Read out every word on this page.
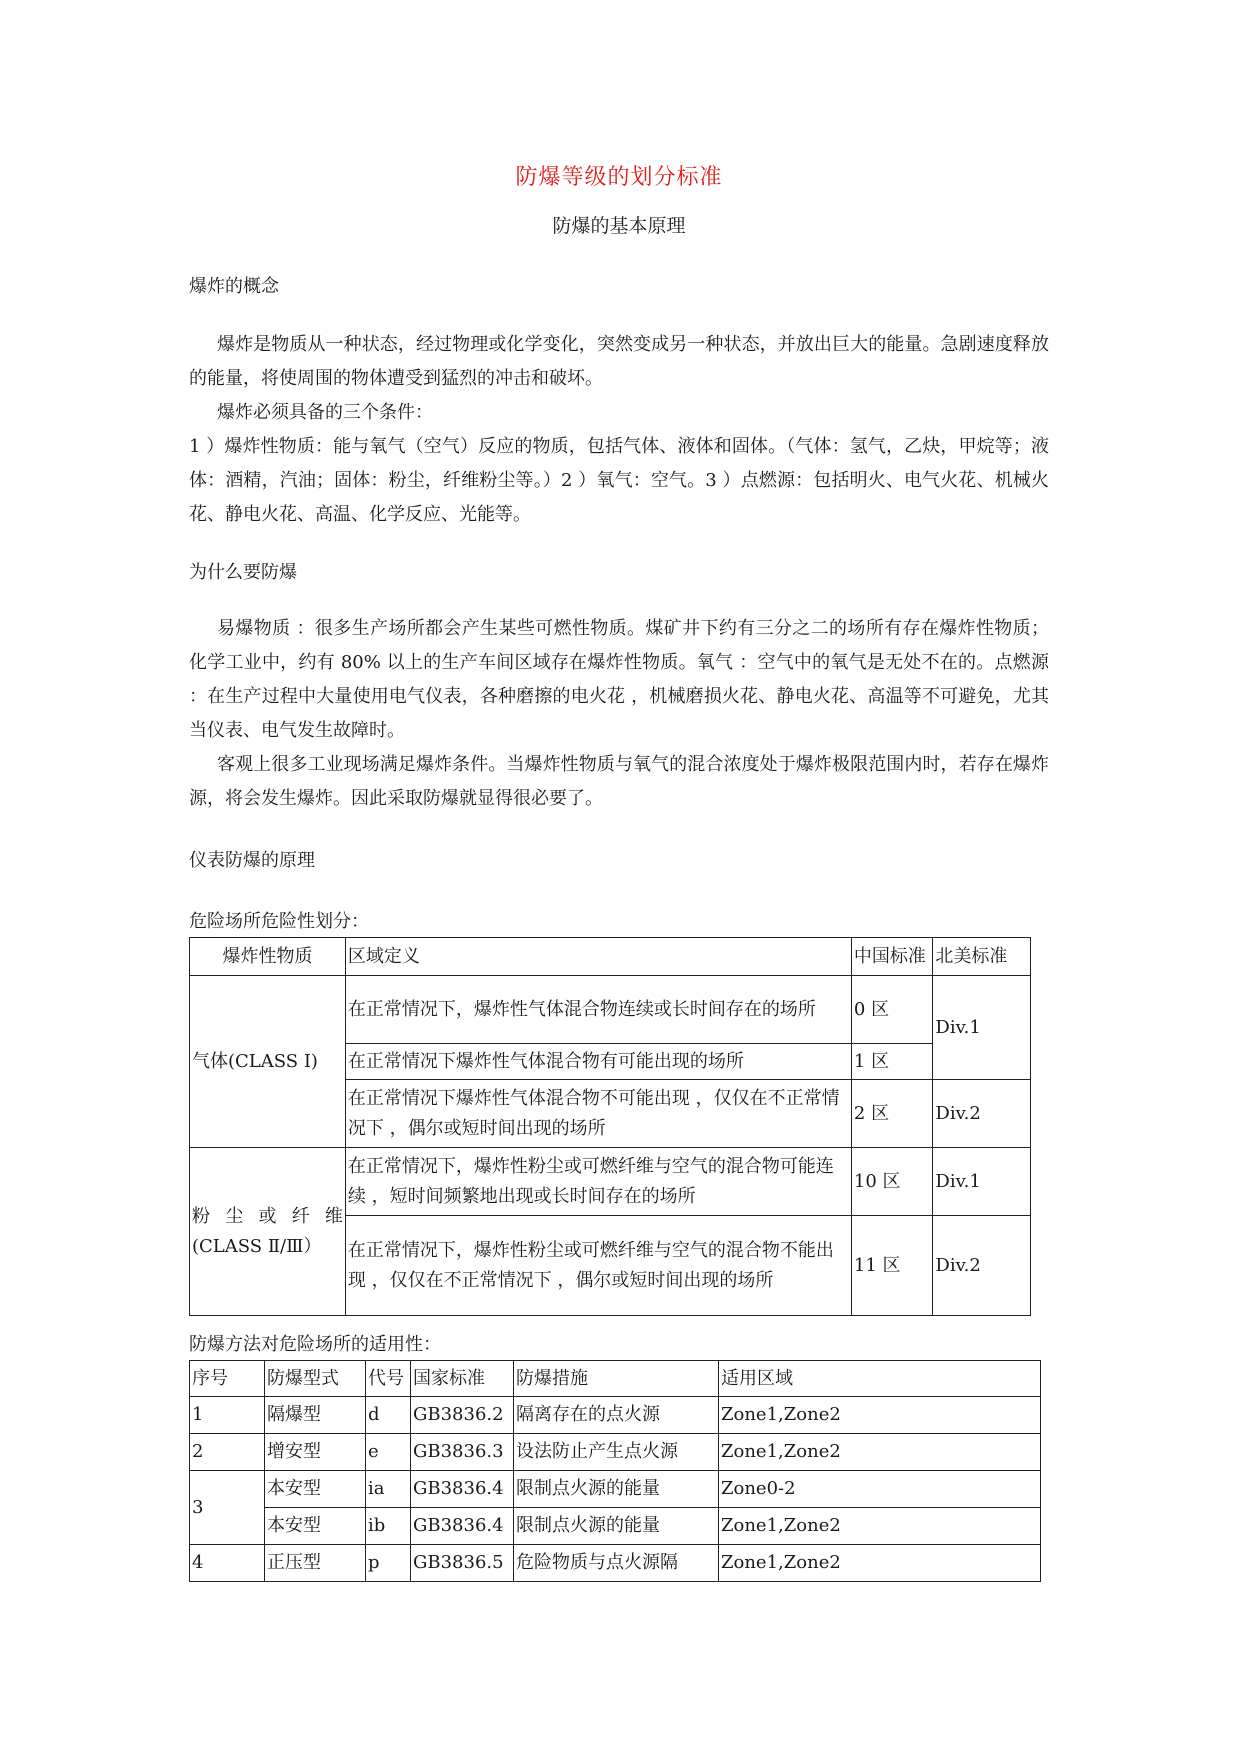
防爆等级的划分标准
防爆的基本原理
爆炸的概念

爆炸是物质从一种状态，经过物理或化学变化，突然变成另一种状态，并放出巨大的能量。急剧速度释放的能量，将使周围的物体遭受到猛烈的冲击和破坏。

爆炸必须具备的三个条件：

1 ）爆炸性物质：能与氧气（空气）反应的物质，包括气体、液体和固体。（气体：氢气，乙炔，甲烷等；液体：酒精，汽油；固体：粉尘，纤维粉尘等。）2 ）氧气：空气。3 ）点燃源：包括明火、电气火花、机械火花、静电火花、高温、化学反应、光能等。

为什么要防爆

易爆物质 ：很多生产场所都会产生某些可燃性物质。煤矿井下约有三分之二的场所有存在爆炸性物质；化学工业中，约有 80% 以上的生产车间区域存在爆炸性物质。氧气 ：空气中的氧气是无处不在的。点燃源 ：在生产过程中大量使用电气仪表，各种磨擦的电火花 ，机械磨损火花、静电火花、高温等不可避免，尤其当仪表、电气发生故障时。

客观上很多工业现场满足爆炸条件。当爆炸性物质与氧气的混合浓度处于爆炸极限范围内时，若存在爆炸源，将会发生爆炸。因此采取防爆就显得很必要了。

仪表防爆的原理
危险场所危险性划分：
爆炸性物质	区域定义	中国标准	北美标准
气体(CLASS Ⅰ)	在正常情况下，爆炸性气体混合物连续或长时间存在的场所	0 区	Div.1
	在正常情况下爆炸性气体混合物有可能出现的场所	1 区	
	在正常情况下爆炸性气体混合物不可能出现 ，仅仅在不正常情况下 ，偶尔或短时间出现的场所	2 区	Div.2

粉 尘 或 纤 维
(CLASS Ⅱ/Ⅲ）	在正常情况下，爆炸性粉尘或可燃纤维与空气的混合物可能连续 ，短时间频繁地出现或长时间存在的场所	10 区	Div.1
	在正常情况下，爆炸性粉尘或可燃纤维与空气的混合物不能出现 ，仅仅在不正常情况下 ，偶尔或短时间出现的场所	11 区	Div.2
防爆方法对危险场所的适用性：
序号	防爆型式	代号	国家标准	防爆措施	适用区域
1	隔爆型	d	GB3836.2	隔离存在的点火源	Zone1,Zone2
2	增安型	e	GB3836.3	设法防止产生点火源	Zone1,Zone2
3	本安型	ia	GB3836.4	限制点火源的能量	Zone0-2
	本安型	ib	GB3836.4	限制点火源的能量	Zone1,Zone2
4	正压型	p	GB3836.5	危险物质与点火源隔	Zone1,Zone2
